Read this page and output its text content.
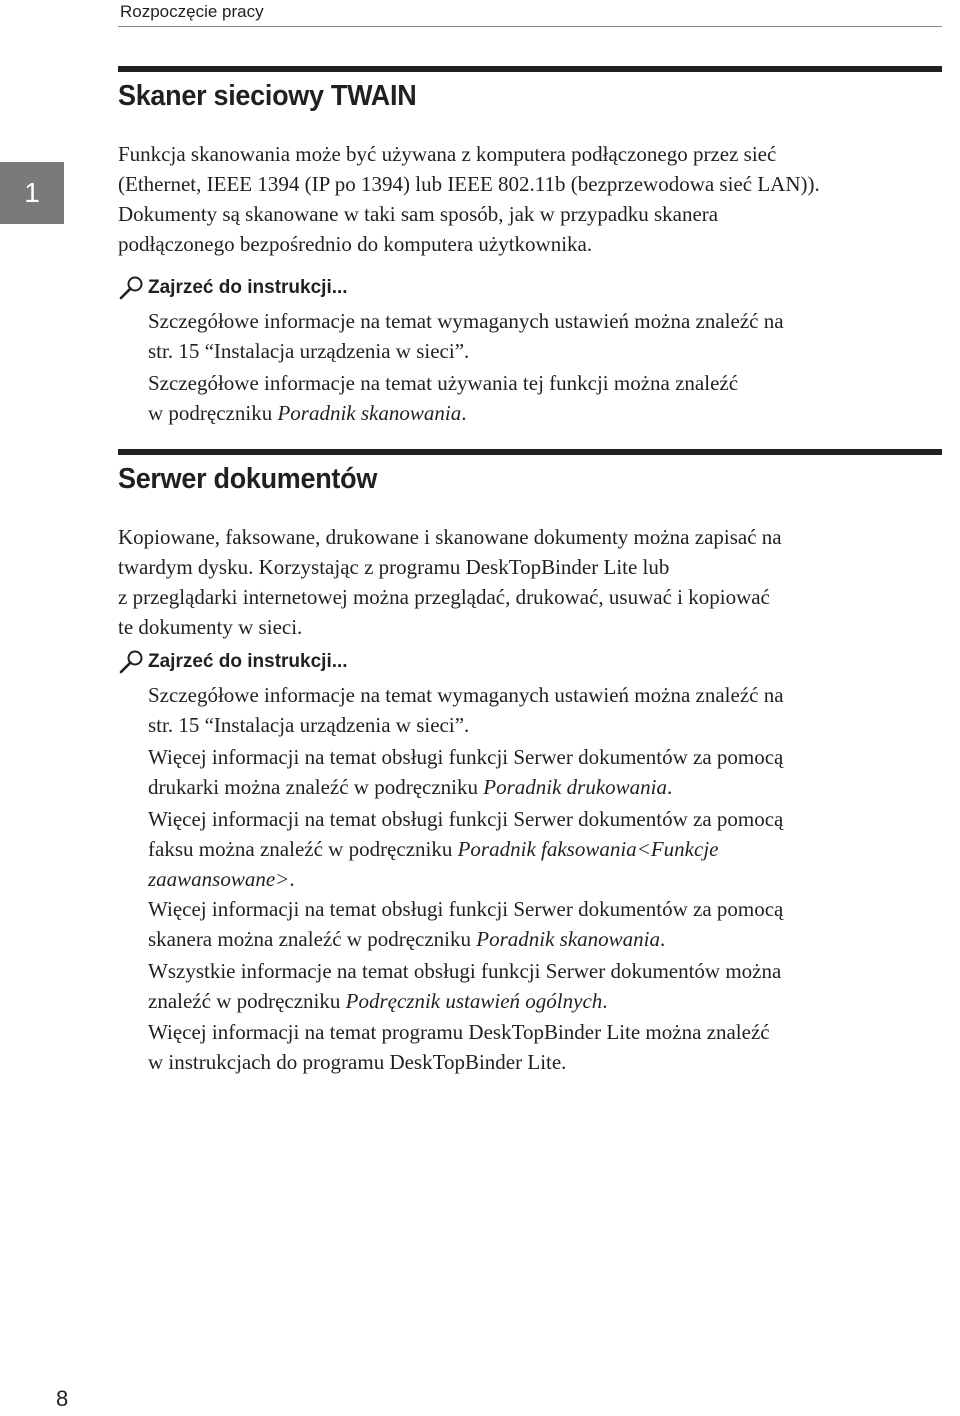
Rozpoczęcie pracy
1
Skaner sieciowy TWAIN

Funkcja skanowania może być używana z komputera podłączonego przez sieć

(Ethernet, IEEE 1394 (IP po 1394) lub IEEE 802.11b (bezprzewodowa sieć LAN)).

Dokumenty są skanowane w taki sam sposób, jak w przypadku skanera

podłączonego bezpośrednio do komputera użytkownika.

Zajrzeć do instrukcji...

Szczegółowe informacje na temat wymaganych ustawień można znaleźć na

str. 15 “Instalacja urządzenia w sieci”.

Szczegółowe informacje na temat używania tej funkcji można znaleźć

w podręczniku Poradnik skanowania.

Serwer dokumentów

Kopiowane, faksowane, drukowane i skanowane dokumenty można zapisać na

twardym dysku. Korzystając z programu DeskTopBinder Lite lub

z przeglądarki internetowej można przeglądać, drukować, usuwać i kopiować

te dokumenty w sieci.

Zajrzeć do instrukcji...

Szczegółowe informacje na temat wymaganych ustawień można znaleźć na

str. 15 “Instalacja urządzenia w sieci”.

Więcej informacji na temat obsługi funkcji Serwer dokumentów za pomocą

drukarki można znaleźć w podręczniku Poradnik drukowania.

Więcej informacji na temat obsługi funkcji Serwer dokumentów za pomocą

faksu można znaleźć w podręczniku Poradnik faksowania<Funkcje

zaawansowane>.

Więcej informacji na temat obsługi funkcji Serwer dokumentów za pomocą

skanera można znaleźć w podręczniku Poradnik skanowania.

Wszystkie informacje na temat obsługi funkcji Serwer dokumentów można

znaleźć w podręczniku Podręcznik ustawień ogólnych.

Więcej informacji na temat programu DeskTopBinder Lite można znaleźć

w instrukcjach do programu DeskTopBinder Lite.

8
